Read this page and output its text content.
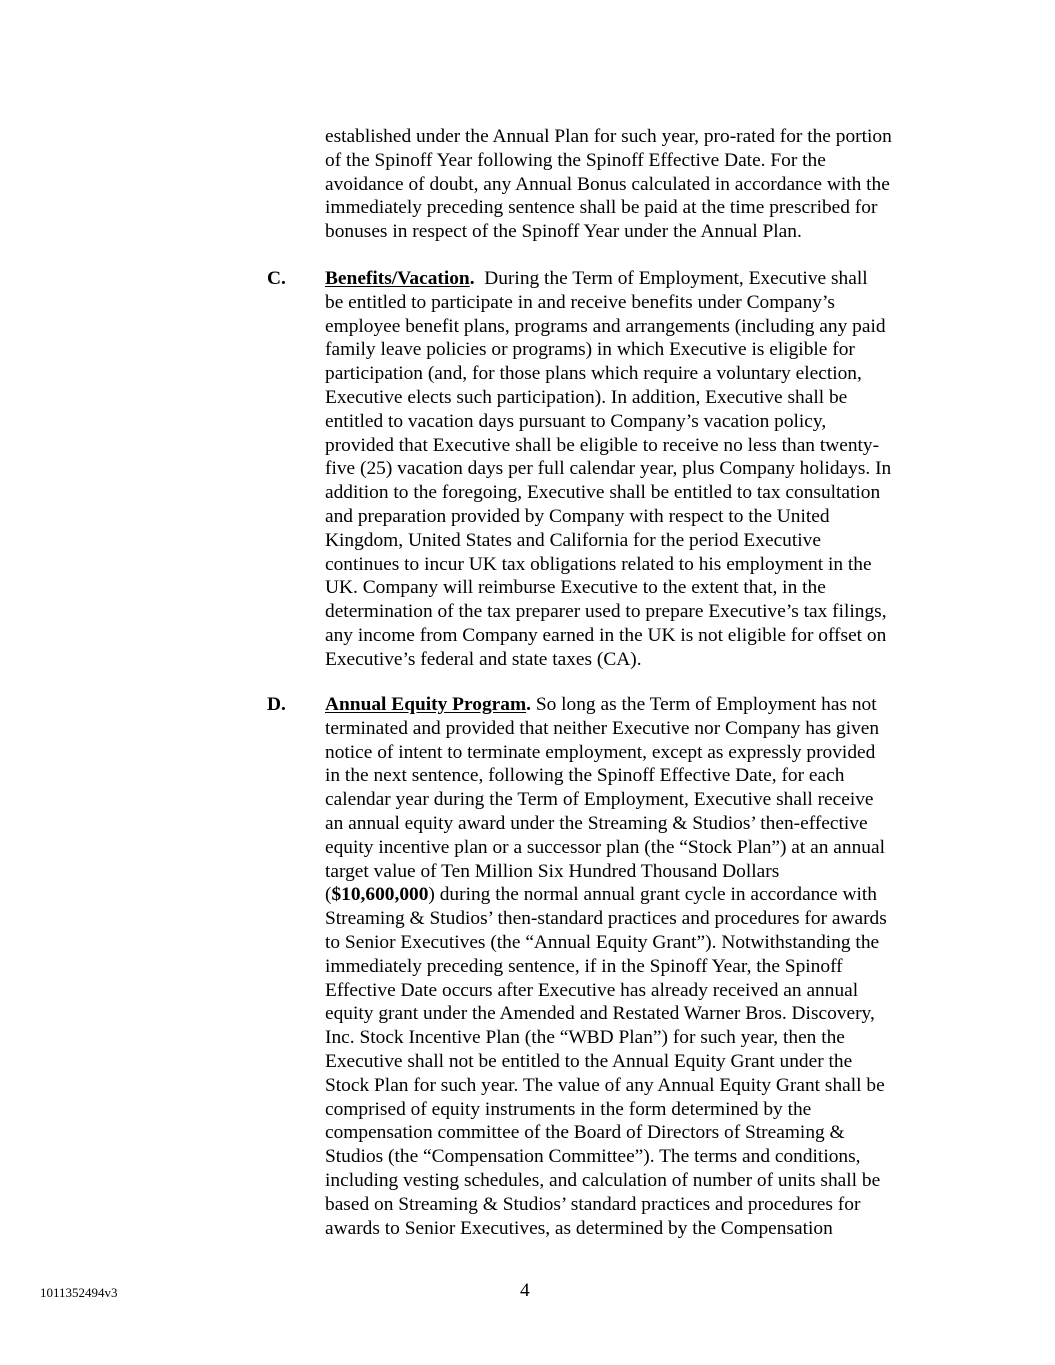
established under the Annual Plan for such year, pro-rated for the portion
of the Spinoff Year following the Spinoff Effective Date. For the
avoidance of doubt, any Annual Bonus calculated in accordance with the
immediately preceding sentence shall be paid at the time prescribed for
bonuses in respect of the Spinoff Year under the Annual Plan.

C. Benefits/Vacation.  During the Term of Employment, Executive shall
be entitled to participate in and receive benefits under Company’s
employee benefit plans, programs and arrangements (including any paid
family leave policies or programs) in which Executive is eligible for
participation (and, for those plans which require a voluntary election,
Executive elects such participation). In addition, Executive shall be
entitled to vacation days pursuant to Company’s vacation policy,
provided that Executive shall be eligible to receive no less than twenty-
five (25) vacation days per full calendar year, plus Company holidays. In
addition to the foregoing, Executive shall be entitled to tax consultation
and preparation provided by Company with respect to the United
Kingdom, United States and California for the period Executive
continues to incur UK tax obligations related to his employment in the
UK. Company will reimburse Executive to the extent that, in the
determination of the tax preparer used to prepare Executive’s tax filings,
any income from Company earned in the UK is not eligible for offset on
Executive’s federal and state taxes (CA).

D. Annual Equity Program. So long as the Term of Employment has not
terminated and provided that neither Executive nor Company has given
notice of intent to terminate employment, except as expressly provided
in the next sentence, following the Spinoff Effective Date, for each
calendar year during the Term of Employment, Executive shall receive
an annual equity award under the Streaming & Studios’ then-effective
equity incentive plan or a successor plan (the “Stock Plan”) at an annual
target value of Ten Million Six Hundred Thousand Dollars
($10,600,000) during the normal annual grant cycle in accordance with
Streaming & Studios’ then-standard practices and procedures for awards
to Senior Executives (the “Annual Equity Grant”). Notwithstanding the
immediately preceding sentence, if in the Spinoff Year, the Spinoff
Effective Date occurs after Executive has already received an annual
equity grant under the Amended and Restated Warner Bros. Discovery,
Inc. Stock Incentive Plan (the “WBD Plan”) for such year, then the
Executive shall not be entitled to the Annual Equity Grant under the
Stock Plan for such year. The value of any Annual Equity Grant shall be
comprised of equity instruments in the form determined by the
compensation committee of the Board of Directors of Streaming &
Studios (the “Compensation Committee”). The terms and conditions,
including vesting schedules, and calculation of number of units shall be
based on Streaming & Studios’ standard practices and procedures for
awards to Senior Executives, as determined by the Compensation

1011352494v3	4
